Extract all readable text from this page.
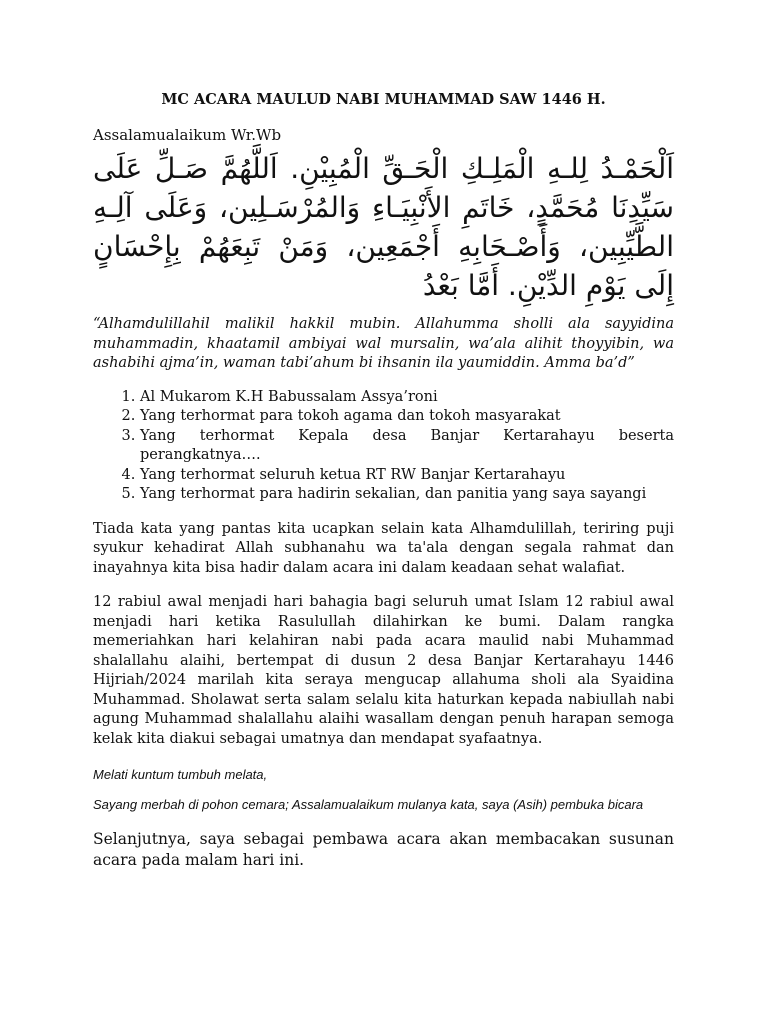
MC ACARA MAULUD NABI MUHAMMAD SAW 1446 H.

Assalamualaikum Wr.Wb

اَلْحَمْـدُ لِلـهِ الْمَلِـكِ الْحَـقِّ الْمُبِيْنِ. اَللَّهُمَّ صَـلِّ عَلَى سَيِّدِنَا مُحَمَّدٍ، خَاتَمِ الأَنْبِيَـاءِ وَالمُرْسَـلِين، وَعَلَى آلِـهِ الطَّيِّبِين، وَأَصْـحَابِهِ أَجْمَعِين، وَمَنْ تَبِعَهُمْ بِإِحْسَانٍ إِلَى يَوْمِ الدِّيْنِ. أَمَّا بَعْدُ

“Alhamdulillahil malikil hakkil mubin. Allahumma sholli ala sayyidina muhammadin, khaatamil ambiyai wal mursalin, wa’ala alihit thoyyibin, wa ashabihi ajma’in, waman tabi’ahum bi ihsanin ila yaumiddin. Amma ba’d”

1. Al Mukarom K.H Babussalam Assya’roni
2. Yang terhormat para tokoh agama dan tokoh masyarakat
3. Yang terhormat Kepala desa Banjar Kertarahayu beserta perangkatnya….
4. Yang terhormat seluruh ketua RT RW Banjar Kertarahayu
5. Yang terhormat para hadirin sekalian, dan panitia yang saya sayangi

Tiada kata yang pantas kita ucapkan selain kata Alhamdulillah, teriring puji syukur kehadirat Allah subhanahu wa ta'ala dengan segala rahmat dan inayahnya kita bisa hadir dalam acara ini dalam keadaan sehat walafiat.

12 rabiul awal menjadi hari bahagia bagi seluruh umat Islam 12 rabiul awal menjadi hari ketika Rasulullah dilahirkan ke bumi. Dalam rangka memeriahkan hari kelahiran nabi pada acara maulid nabi Muhammad shalallahu alaihi, bertempat di dusun 2 desa Banjar Kertarahayu 1446 Hijriah/2024 marilah kita seraya mengucap allahuma sholi ala Syaidina Muhammad. Sholawat serta salam selalu kita haturkan kepada nabiullah nabi agung Muhammad shalallahu alaihi wasallam dengan penuh harapan semoga kelak kita diakui sebagai umatnya dan mendapat syafaatnya.

Melati kuntum tumbuh melata,

Sayang merbah di pohon cemara; Assalamualaikum mulanya kata, saya (Asih) pembuka bicara

Selanjutnya, saya sebagai pembawa acara akan membacakan susunan acara pada malam hari ini.
